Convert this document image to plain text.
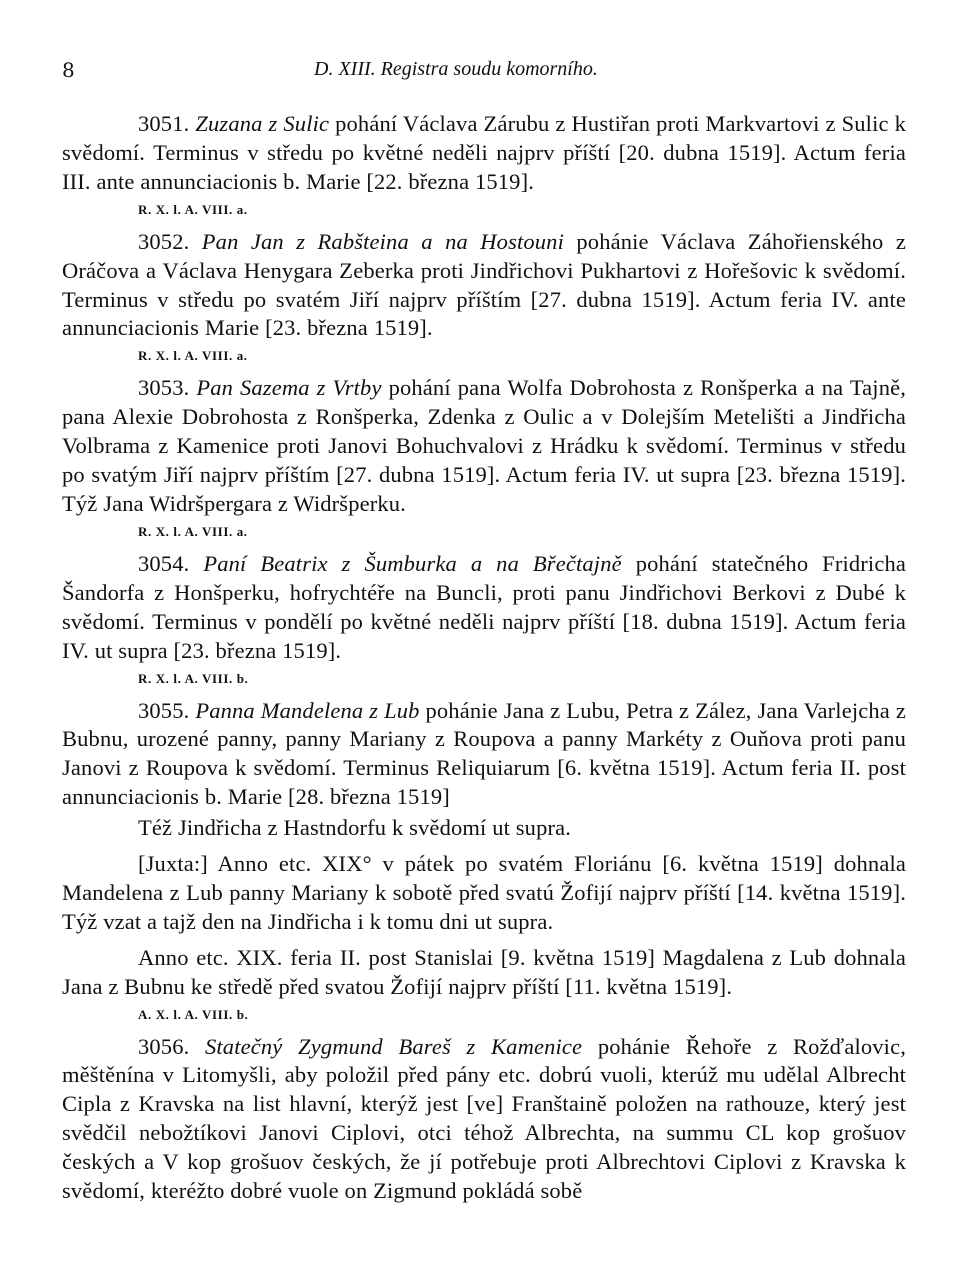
8	D. XIII. Registra soudu komorního.

3051. Zuzana z Sulic pohání Václava Zárubu z Hustiřan proti Markvartovi z Sulic k svědomí. Terminus v středu po květné neděli najprv příští [20. dubna 1519]. Actum feria III. ante annunciacionis b. Marie [22. března 1519].

R. X. l. A. VIII. a.

3052. Pan Jan z Rabšteina a na Hostouni pohánie Václava Záhořienského z Oráčova a Václava Henygara Zeberka proti Jindřichovi Pukhartovi z Hořešovic k svědomí. Terminus v středu po svatém Jiří najprv příštím [27. dubna 1519]. Actum feria IV. ante annunciacionis Marie [23. března 1519].

R. X. l. A. VIII. a.

3053. Pan Sazema z Vrtby pohání pana Wolfa Dobrohosta z Ronšperka a na Tajně, pana Alexie Dobrohosta z Ronšperka, Zdenka z Oulic a v Dolejším Metelišti a Jindřicha Volbrama z Kamenice proti Janovi Bohuchvalovi z Hrádku k svědomí. Terminus v středu po svatým Jiří najprv příštím [27. dubna 1519]. Actum feria IV. ut supra [23. března 1519]. Týž Jana Widršpergara z Widršperku.

R. X. l. A. VIII. a.

3054. Paní Beatrix z Šumburka a na Břečtajně pohání statečného Fridricha Šandorfa z Honšperku, hofrychtéře na Buncli, proti panu Jindřichovi Berkovi z Dubé k svědomí. Terminus v pondělí po květné neděli najprv příští [18. dubna 1519]. Actum feria IV. ut supra [23. března 1519].

R. X. l. A. VIII. b.

3055. Panna Mandelena z Lub pohánie Jana z Lubu, Petra z Zález, Jana Varlejcha z Bubnu, urozené panny, panny Mariany z Roupova a panny Markéty z Ouňova proti panu Janovi z Roupova k svědomí. Terminus Reliquiarum [6. května 1519]. Actum feria II. post annunciacionis b. Marie [28. března 1519]

Též Jindřicha z Hastndorfu k svědomí ut supra.

[Juxta:] Anno etc. XIX° v pátek po svatém Floriánu [6. května 1519] dohnala Mandelena z Lub panny Mariany k sobotě před svatú Žofijí najprv příští [14. května 1519]. Týž vzat a tajž den na Jindřicha i k tomu dni ut supra.

Anno etc. XIX. feria II. post Stanislai [9. května 1519] Magdalena z Lub dohnala Jana z Bubnu ke středě před svatou Žofijí najprv příští [11. května 1519].

A. X. l. A. VIII. b.

3056. Statečný Zygmund Bareš z Kamenice pohánie Řehoře z Rožďalovic, měštěnína v Litomyšli, aby položil před pány etc. dobrú vuoli, kterúž mu udělal Albrecht Cipla z Kravska na list hlavní, kterýž jest [ve] Franštaině položen na rathouze, který jest svědčil nebožtíkovi Janovi Ciplovi, otci téhož Albrechta, na summu CL kop grošuov českých a V kop grošuov českých, že jí potřebuje proti Albrechtovi Ciplovi z Kravska k svědomí, kteréžto dobré vuole on Zigmund pokládá sobě
